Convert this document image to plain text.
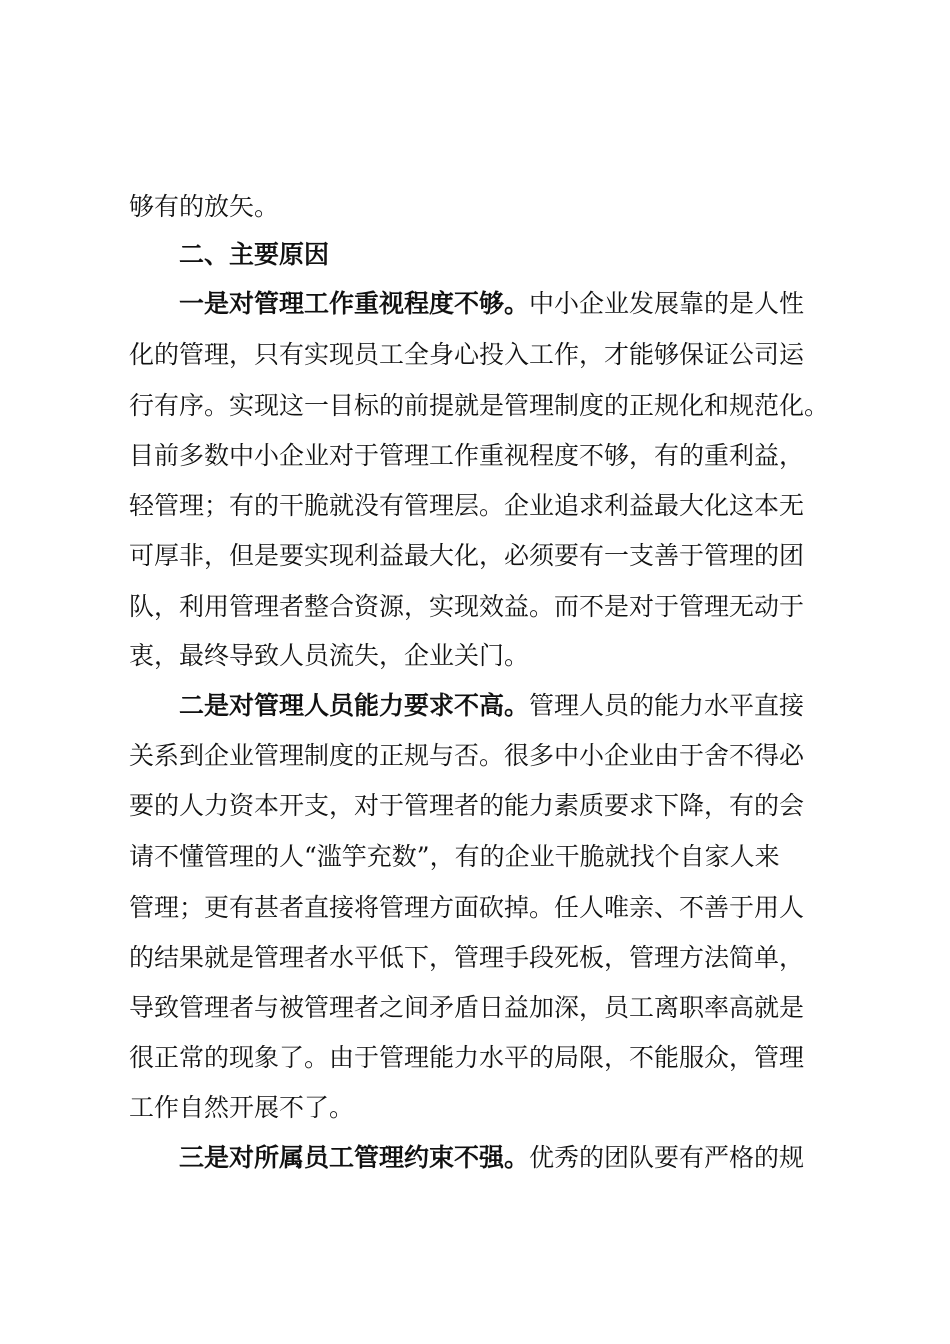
够有的放矢。
二、主要原因
一是对管理工作重视程度不够。中小企业发展靠的是人性
化的管理，只有实现员工全身心投入工作，才能够保证公司运
行有序。实现这一目标的前提就是管理制度的正规化和规范化。
目前多数中小企业对于管理工作重视程度不够，有的重利益，
轻管理；有的干脆就没有管理层。企业追求利益最大化这本无
可厚非，但是要实现利益最大化，必须要有一支善于管理的团
队，利用管理者整合资源，实现效益。而不是对于管理无动于
衷，最终导致人员流失，企业关门。
二是对管理人员能力要求不高。管理人员的能力水平直接
关系到企业管理制度的正规与否。很多中小企业由于舍不得必
要的人力资本开支，对于管理者的能力素质要求下降，有的会
请不懂管理的人“滥竽充数”，有的企业干脆就找个自家人来
管理；更有甚者直接将管理方面砍掉。任人唯亲、不善于用人
的结果就是管理者水平低下，管理手段死板，管理方法简单，
导致管理者与被管理者之间矛盾日益加深，员工离职率高就是
很正常的现象了。由于管理能力水平的局限，不能服众，管理
工作自然开展不了。
三是对所属员工管理约束不强。优秀的团队要有严格的规
